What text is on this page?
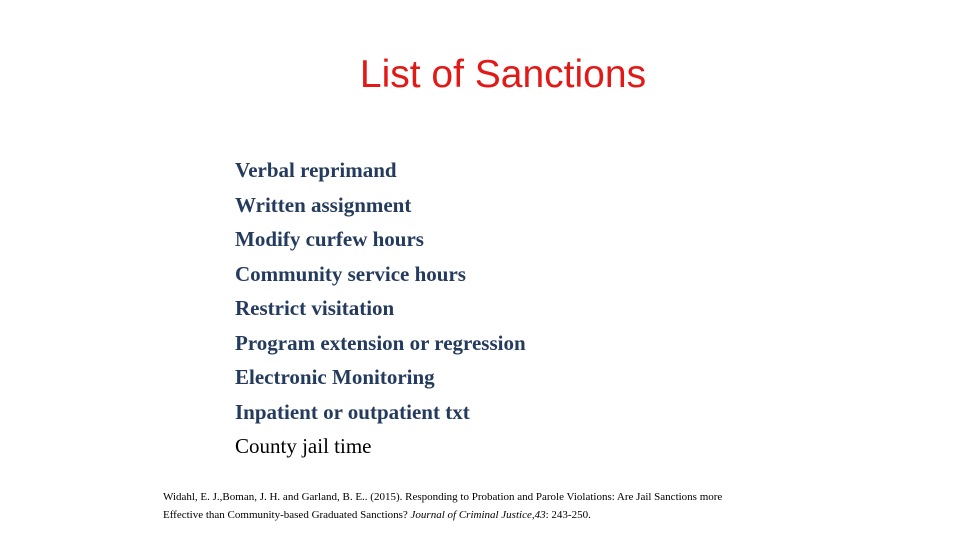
List of Sanctions
Verbal reprimand
Written assignment
Modify curfew hours
Community service hours
Restrict visitation
Program extension or regression
Electronic Monitoring
Inpatient or outpatient txt
County jail time
Widahl, E. J.,Boman, J. H. and Garland, B. E.. (2015). Responding to Probation and Parole Violations: Are Jail Sanctions more
Effective than Community-based Graduated Sanctions? Journal of Criminal Justice,43: 243-250.
